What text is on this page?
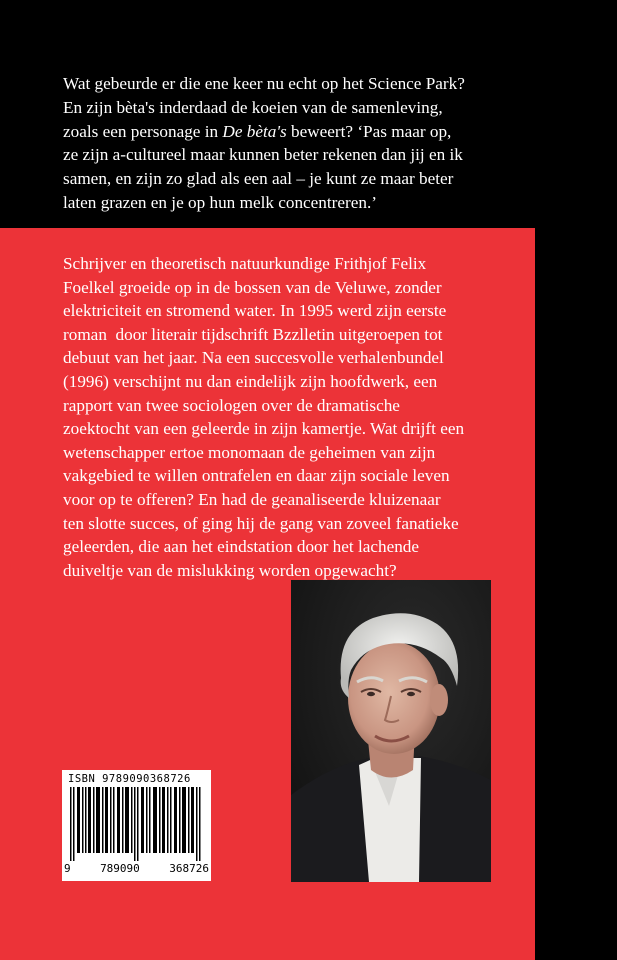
Wat gebeurde er die ene keer nu echt op het Science Park?
En zijn bèta's inderdaad de koeien van de samenleving,
zoals een personage in De bèta's beweert? ‘Pas maar op,
ze zijn a-cultureel maar kunnen beter rekenen dan jij en ik
samen, en zijn zo glad als een aal – je kunt ze maar beter
laten grazen en je op hun melk concentreren.’

Schrijver en theoretisch natuurkundige Frithjof Felix
Foelkel groeide op in de bossen van de Veluwe, zonder
elektriciteit en stromend water. In 1995 werd zijn eerste
roman  door literair tijdschrift Bzzlletin uitgeroepen tot
debuut van het jaar. Na een succesvolle verhalenbundel
(1996) verschijnt nu dan eindelijk zijn hoofdwerk, een
rapport van twee sociologen over de dramatische
zoektocht van een geleerde in zijn kamertje. Wat drijft een
wetenschapper ertoe monomaan de geheimen van zijn
vakgebied te willen ontrafelen en daar zijn sociale leven
voor op te offeren? En had de geanaliseerde kluizenaar
ten slotte succes, of ging hij de gang van zoveel fanatieke
geleerden, die aan het eindstation door het lachende
duiveltje van de mislukking worden opgewacht?

ISBN 9789090368726
9	789090	368726
